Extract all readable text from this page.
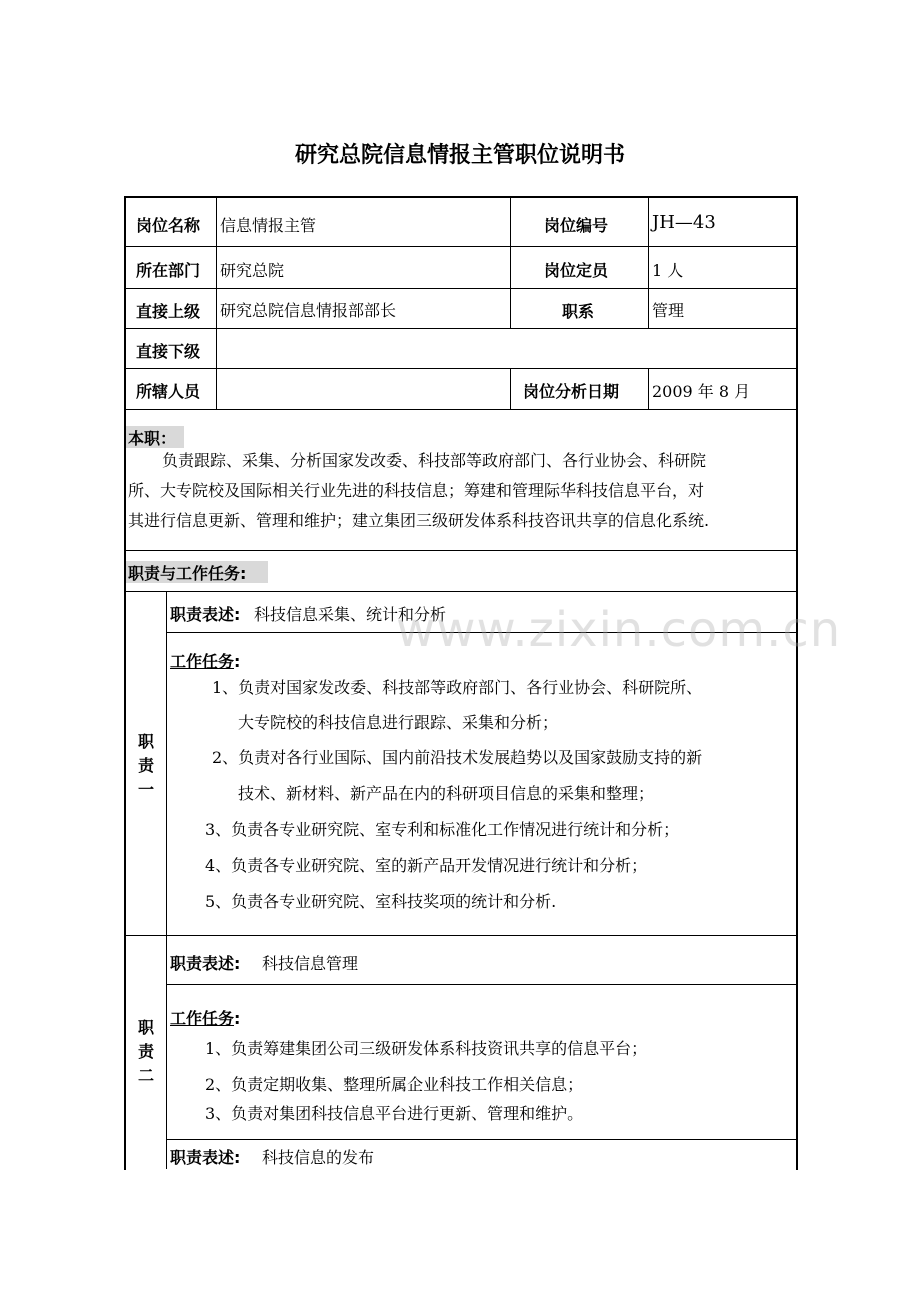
研究总院信息情报主管职位说明书
岗位名称 信息情报主管	岗位编号 JH—43
所在部门 研究总院	岗位定员	1 人
直接上级 研究总院信息情报部部长	职系	管理
直接下级
所辖人员	岗位分析日期 2009 年 8 月
本职：
负责跟踪、采集、分析国家发改委、科技部等政府部门、各行业协会、科研院
所、大专院校及国际相关行业先进的科技信息；筹建和管理际华科技信息平台，对
其进行信息更新、管理和维护；建立集团三级研发体系科技咨讯共享的信息化系统.
职责与工作任务:
职
责
一
职责表述: 科技信息采集、统计和分析
工作任务:
1、负责对国家发改委、科技部等政府部门、各行业协会、科研院所、
大专院校的科技信息进行跟踪、采集和分析；
2、负责对各行业国际、国内前沿技术发展趋势以及国家鼓励支持的新
技术、新材料、新产品在内的科研项目信息的采集和整理；
3、负责各专业研究院、室专利和标准化工作情况进行统计和分析；
4、负责各专业研究院、室的新产品开发情况进行统计和分析；
5、负责各专业研究院、室科技奖项的统计和分析.
职
责
二
职责表述: 科技信息管理
工作任务:
1、负责筹建集团公司三级研发体系科技资讯共享的信息平台；
2、负责定期收集、整理所属企业科技工作相关信息；
3、负责对集团科技信息平台进行更新、管理和维护。
职责表述: 科技信息的发布
www.zixin.com.cn
